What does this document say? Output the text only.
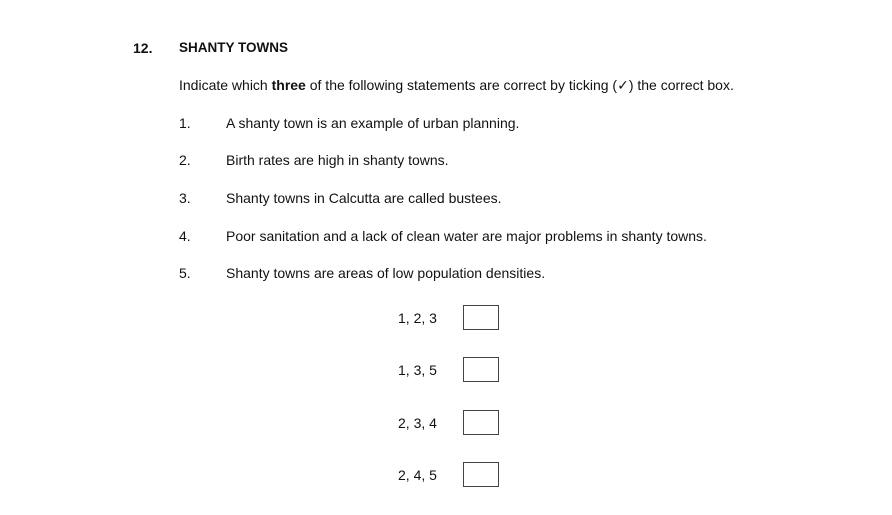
12. SHANTY TOWNS
Indicate which three of the following statements are correct by ticking (✓) the correct box.
1.	A shanty town is an example of urban planning.
2.	Birth rates are high in shanty towns.
3.	Shanty towns in Calcutta are called bustees.
4.	Poor sanitation and a lack of clean water are major problems in shanty towns.
5.	Shanty towns are areas of low population densities.
1, 2, 3
1, 3, 5
2, 3, 4
2, 4, 5
